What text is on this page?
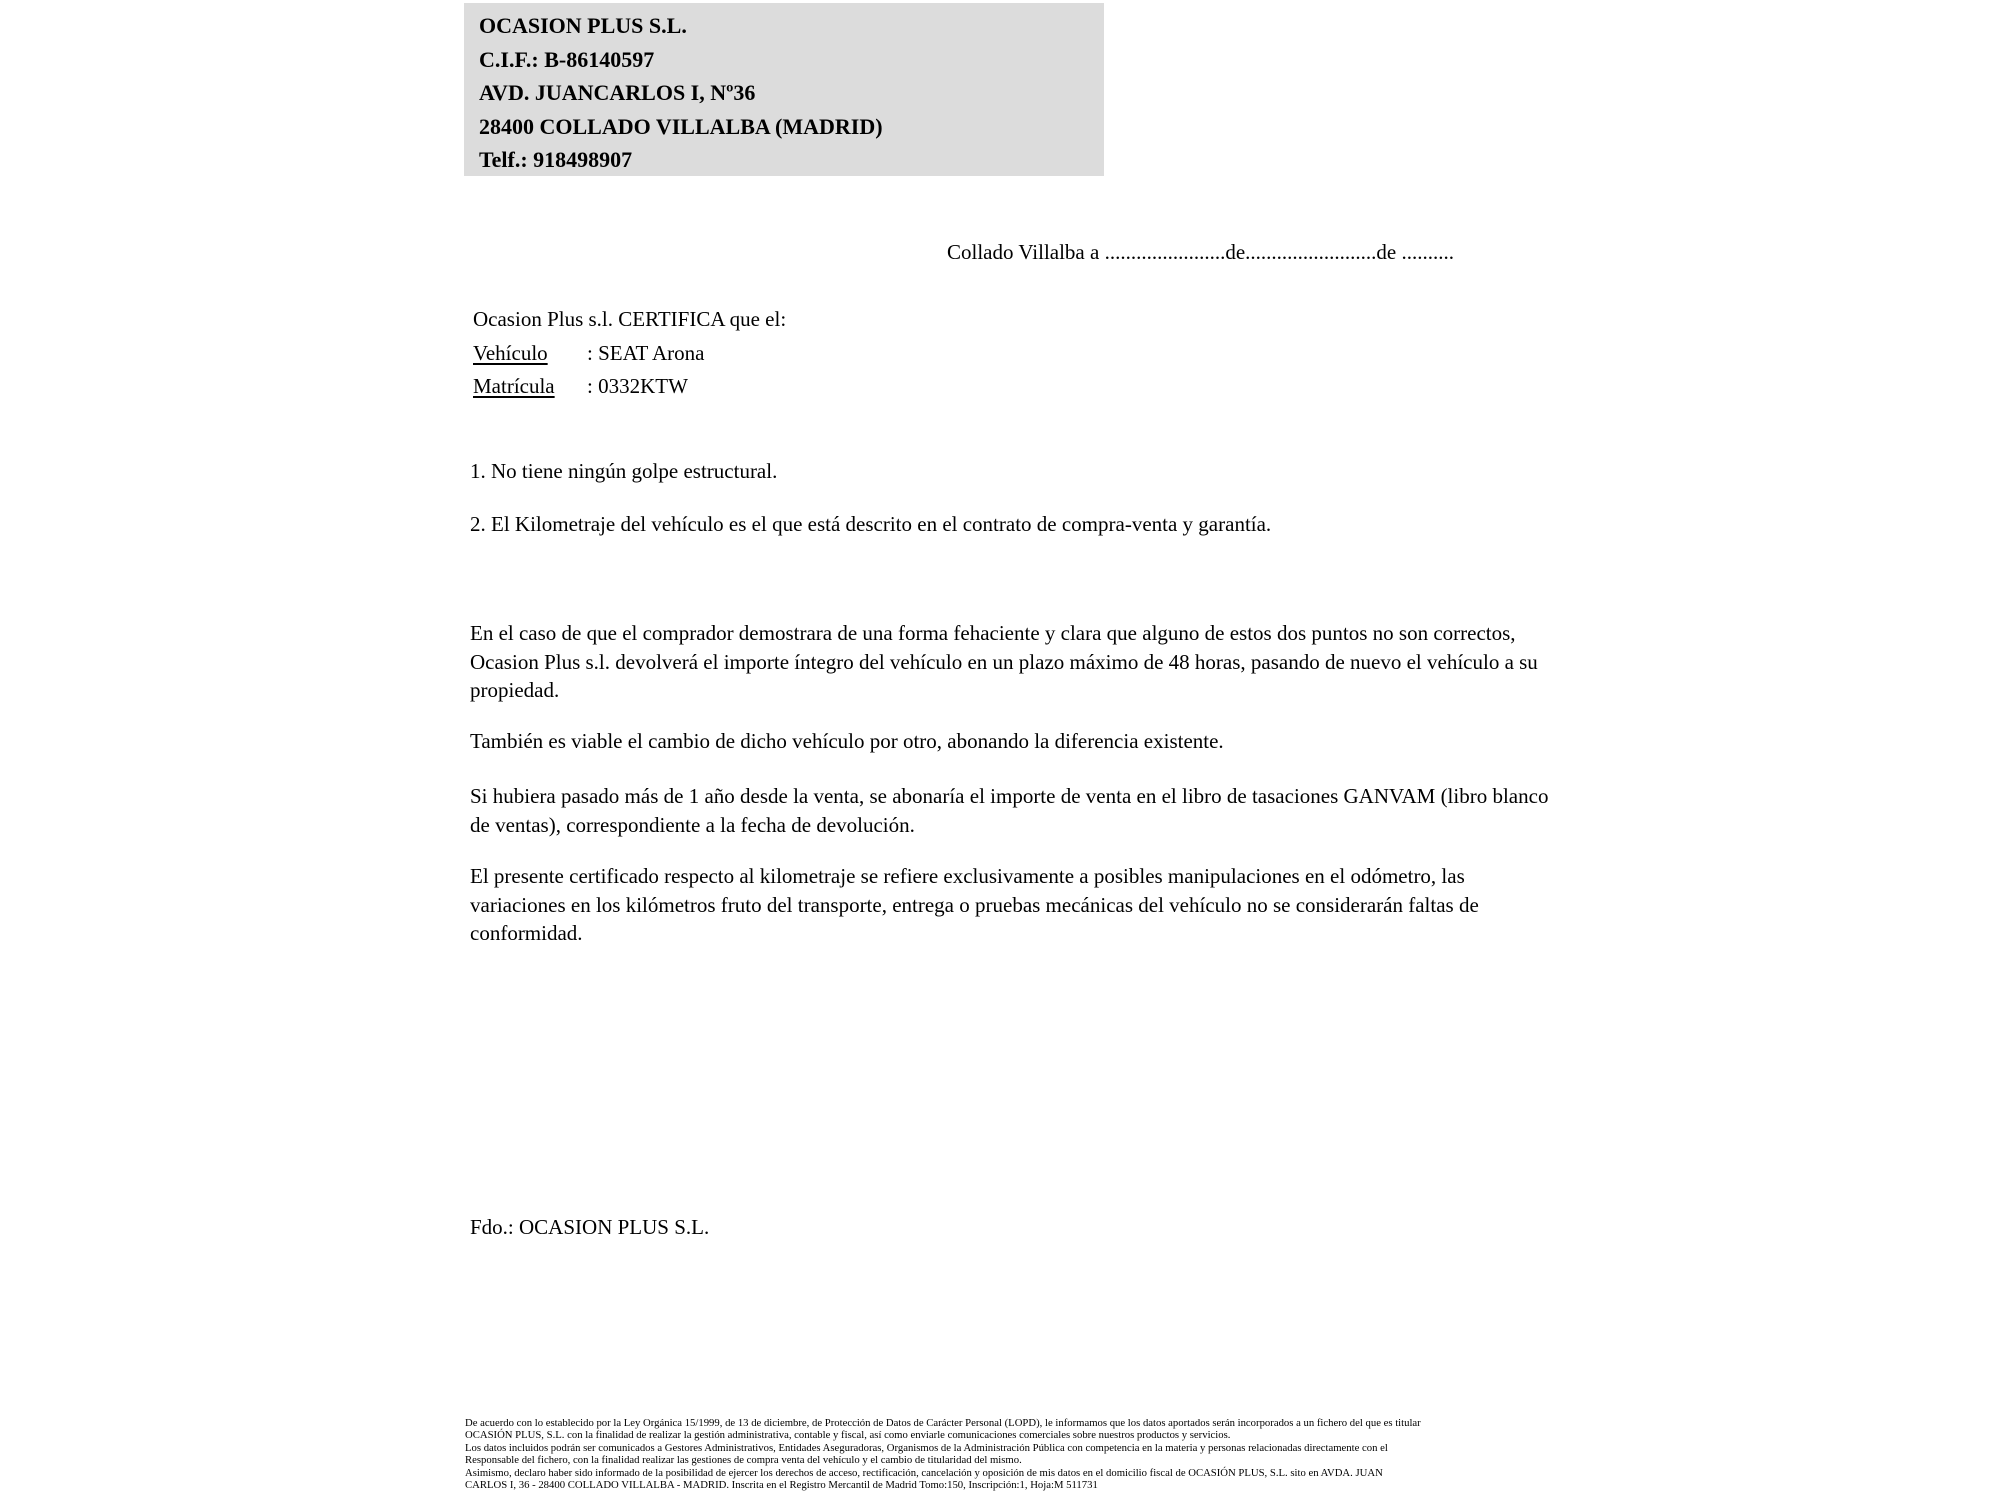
OCASION PLUS S.L.
C.I.F.: B-86140597
AVD. JUANCARLOS I, Nº36
28400 COLLADO VILLALBA (MADRID)
Telf.: 918498907
Collado Villalba a .......................de.........................de ..........
Ocasion Plus s.l. CERTIFICA que el:
Vehículo : SEAT Arona
Matrícula : 0332KTW
1. No tiene ningún golpe estructural.
2. El Kilometraje del vehículo es el que está descrito en el contrato de compra-venta y garantía.
En el caso de que el comprador demostrara de una forma fehaciente y clara que alguno de estos dos puntos no son correctos, Ocasion Plus s.l. devolverá el importe íntegro del vehículo en un plazo máximo de 48 horas, pasando de nuevo el vehículo a su propiedad.
También es viable el cambio de dicho vehículo por otro, abonando la diferencia existente.
Si hubiera pasado más de 1 año desde la venta, se abonaría el importe de venta en el libro de tasaciones GANVAM (libro blanco de ventas), correspondiente a la fecha de devolución.
El presente certificado respecto al kilometraje se refiere exclusivamente a posibles manipulaciones en el odómetro, las variaciones en los kilómetros fruto del transporte, entrega o pruebas mecánicas del vehículo no se considerarán faltas de conformidad.
Fdo.: OCASION PLUS S.L.
De acuerdo con lo establecido por la Ley Orgánica 15/1999, de 13 de diciembre, de Protección de Datos de Carácter Personal (LOPD), le informamos que los datos aportados serán incorporados a un fichero del que es titular
OCASIÓN PLUS, S.L. con la finalidad de realizar la gestión administrativa, contable y fiscal, así como enviarle comunicaciones comerciales sobre nuestros productos y servicios.
Los datos incluidos podrán ser comunicados a Gestores Administrativos, Entidades Aseguradoras, Organismos de la Administración Pública con competencia en la materia y personas relacionadas directamente con el
Responsable del fichero, con la finalidad realizar las gestiones de compra venta del vehículo y el cambio de titularidad del mismo.
Asimismo, declaro haber sido informado de la posibilidad de ejercer los derechos de acceso, rectificación, cancelación y oposición de mis datos en el domicilio fiscal de OCASIÓN PLUS, S.L. sito en AVDA. JUAN
CARLOS I, 36 - 28400 COLLADO VILLALBA - MADRID. Inscrita en el Registro Mercantil de Madrid Tomo:150, Inscripción:1, Hoja:M 511731
